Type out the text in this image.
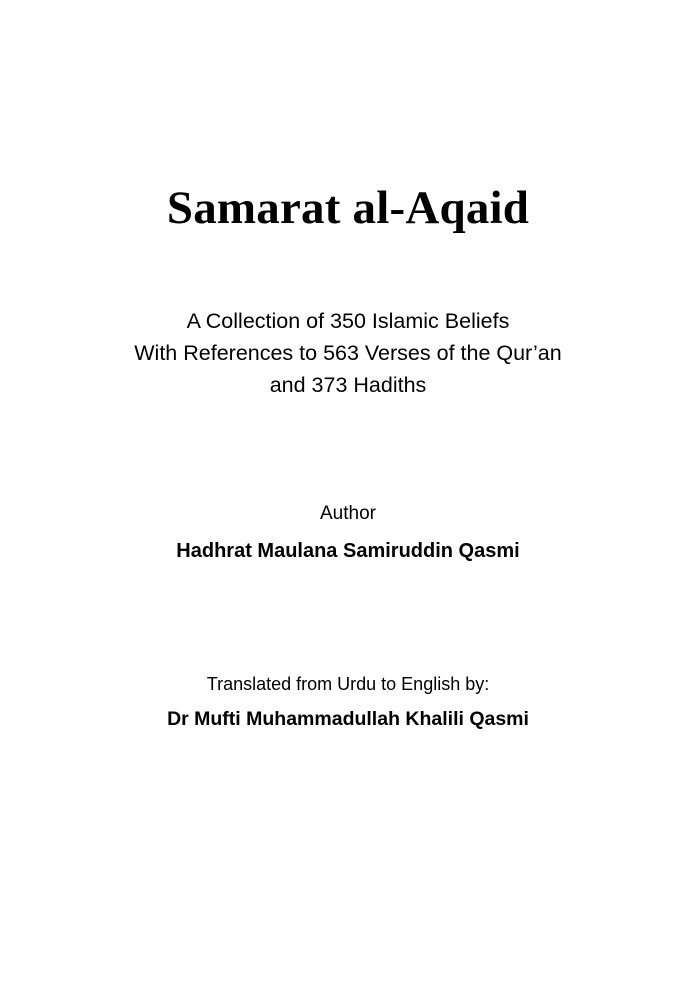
Samarat al-Aqaid

A Collection of 350 Islamic Beliefs

With References to 563 Verses of the Qur’an

and 373 Hadiths

Author

Hadhrat Maulana Samiruddin Qasmi

Translated from Urdu to English by:

Dr Mufti Muhammadullah Khalili Qasmi
